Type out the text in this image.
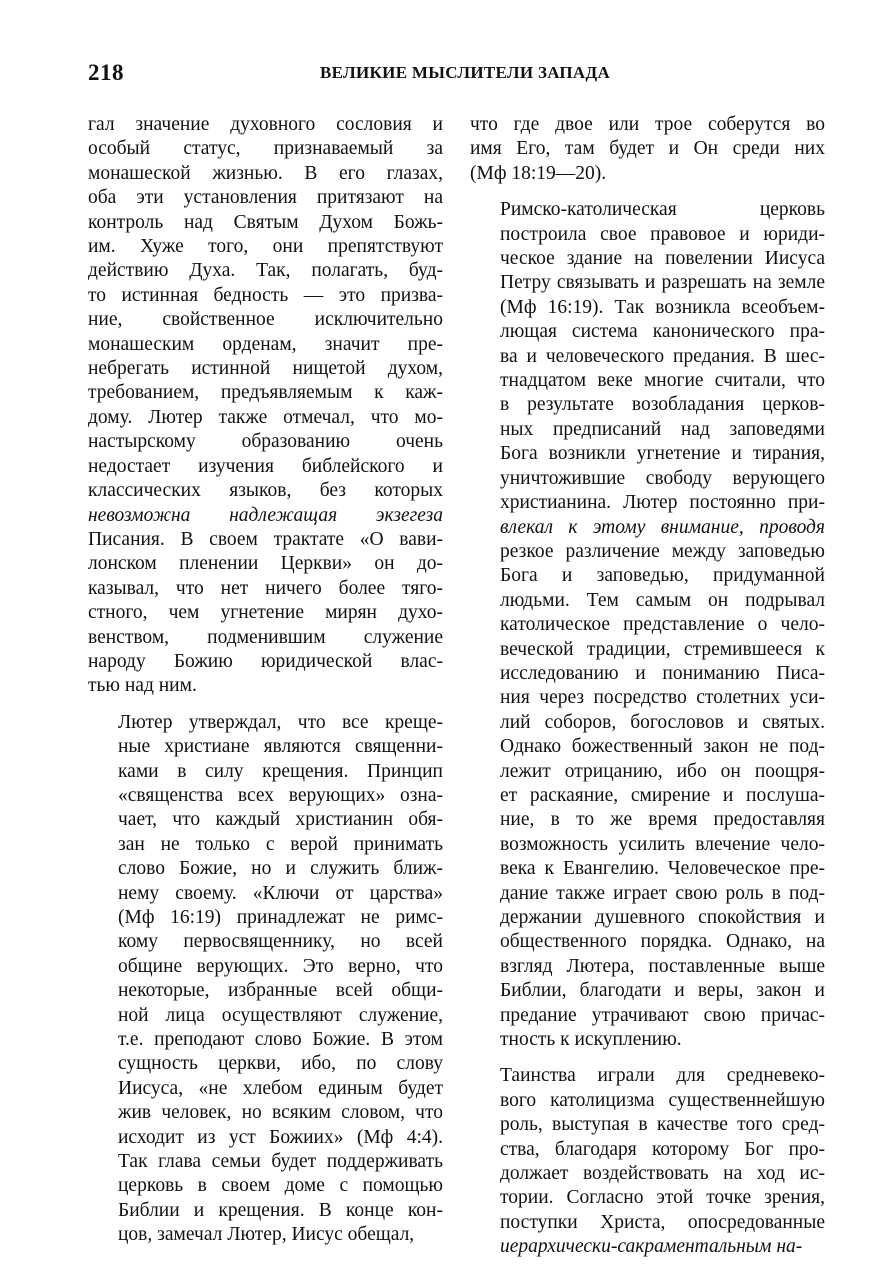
218	ВЕЛИКИЕ МЫСЛИТЕЛИ ЗАПАДА
гал значение духовного сословия и
особый статус, признаваемый за
монашеской жизнью. В его глазах,
оба эти установления притязают на
контроль над Святым Духом Божь-
им. Хуже того, они препятствуют
действию Духа. Так, полагать, буд-
то истинная бедность — это призва-
ние, свойственное исключительно
монашеским орденам, значит пре-
небрегать истинной нищетой духом,
требованием, предъявляемым к каж-
дому. Лютер также отмечал, что мо-
настырскому образованию очень
недостает изучения библейского и
классических языков, без которых
невозможна надлежащая экзегеза
Писания. В своем трактате «О вави-
лонском пленении Церкви» он до-
казывал, что нет ничего более тяго-
стного, чем угнетение мирян духо-
венством, подменившим служение
народу Божию юридической влас-
тью над ним.
Лютер утверждал, что все креще-
ные христиане являются священни-
ками в силу крещения. Принцип
«священства всех верующих» озна-
чает, что каждый христианин обя-
зан не только с верой принимать
слово Божие, но и служить ближ-
нему своему. «Ключи от царства»
(Мф 16:19) принадлежат не римс-
кому первосвященнику, но всей
общине верующих. Это верно, что
некоторые, избранные всей общи-
ной лица осуществляют служение,
т.е. преподают слово Божие. В этом
сущность церкви, ибо, по слову
Иисуса, «не хлебом единым будет
жив человек, но всяким словом, что
исходит из уст Божиих» (Мф 4:4).
Так глава семьи будет поддерживать
церковь в своем доме с помощью
Библии и крещения. В конце кон-
цов, замечал Лютер, Иисус обещал,
что где двое или трое соберутся во
имя Его, там будет и Он среди них
(Мф 18:19—20).
Римско-католическая церковь
построила свое правовое и юриди-
ческое здание на повелении Иисуса
Петру связывать и разрешать на земле
(Мф 16:19). Так возникла всеобъем-
лющая система канонического пра-
ва и человеческого предания. В шес-
тнадцатом веке многие считали, что
в результате возобладания церков-
ных предписаний над заповедями
Бога возникли угнетение и тирания,
уничтожившие свободу верующего
христианина. Лютер постоянно при-
влекал к этому внимание, проводя
резкое различение между заповедью
Бога и заповедью, придуманной
людьми. Тем самым он подрывал
католическое представление о чело-
веческой традиции, стремившееся к
исследованию и пониманию Писа-
ния через посредство столетних уси-
лий соборов, богословов и святых.
Однако божественный закон не под-
лежит отрицанию, ибо он поощря-
ет раскаяние, смирение и послуша-
ние, в то же время предоставляя
возможность усилить влечение чело-
века к Евангелию. Человеческое пре-
дание также играет свою роль в под-
держании душевного спокойствия и
общественного порядка. Однако, на
взгляд Лютера, поставленные выше
Библии, благодати и веры, закон и
предание утрачивают свою причас-
тность к искуплению.
Таинства играли для средневеко-
вого католицизма существеннейшую
роль, выступая в качестве того сред-
ства, благодаря которому Бог про-
должает воздействовать на ход ис-
тории. Согласно этой точке зрения,
поступки Христа, опосредованные
иерархически-сакраментальным на-
